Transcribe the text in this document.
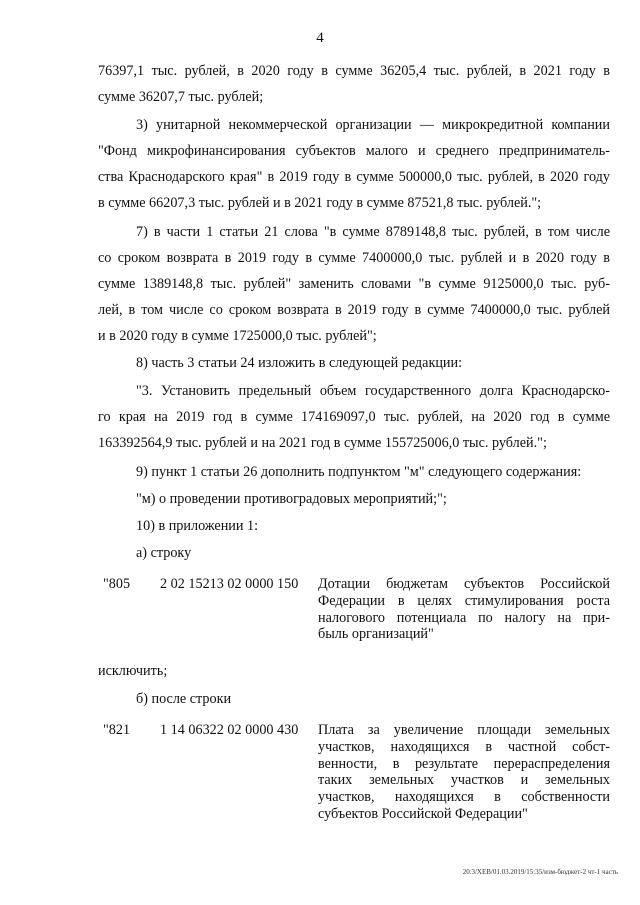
4
76397,1 тыс. рублей, в 2020 году в сумме 36205,4 тыс. рублей, в 2021 году в
сумме 36207,7 тыс. рублей;
3) унитарной некоммерческой организации — микрокредитной компании
"Фонд микрофинансирования субъектов малого и среднего предприниматель-
ства Краснодарского края" в 2019 году в сумме 500000,0 тыс. рублей, в 2020 году
в сумме 66207,3 тыс. рублей и в 2021 году в сумме 87521,8 тыс. рублей.";
7) в части 1 статьи 21 слова "в сумме 8789148,8 тыс. рублей, в том числе
со сроком возврата в 2019 году в сумме 7400000,0 тыс. рублей и в 2020 году в
сумме 1389148,8 тыс. рублей" заменить словами "в сумме 9125000,0 тыс. руб-
лей, в том числе со сроком возврата в 2019 году в сумме 7400000,0 тыс. рублей
и в 2020 году в сумме 1725000,0 тыс. рублей";
8) часть 3 статьи 24 изложить в следующей редакции:
"3. Установить предельный объем государственного долга Краснодарско-
го края на 2019 год в сумме 174169097,0 тыс. рублей, на 2020 год в сумме
163392564,9 тыс. рублей и на 2021 год в сумме 155725006,0 тыс. рублей.";
9) пункт 1 статьи 26 дополнить подпунктом "м" следующего содержания:
"м) о проведении противоградовых мероприятий;";
10) в приложении 1:
а) строку
"805 2 02 15213 02 0000 150 Дотации бюджетам субъектов Российской
Федерации в целях стимулирования роста
налогового потенциала по налогу на при-
быль организаций"
исключить;
б) после строки
"821 1 14 06322 02 0000 430 Плата за увеличение площади земельных
участков, находящихся в частной собст-
венности, в результате перераспределения
таких земельных участков и земельных
участков, находящихся в собственности
субъектов Российской Федерации"
20.3/ХЕВ/01.03.2019/15:35/изм-бюджет-2 чт-1 часть
